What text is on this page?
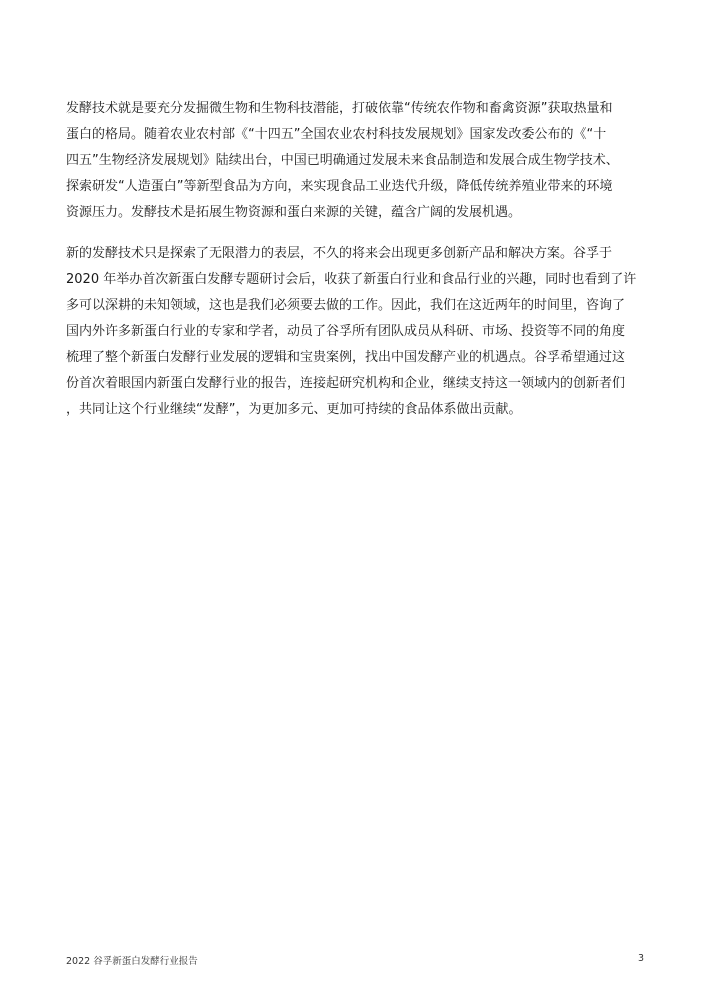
发酵技术就是要充分发掘微生物和生物科技潜能，打破依靠“传统农作物和畜禽资源”获取热量和
蛋白的格局。随着农业农村部《“十四五”全国农业农村科技发展规划》国家发改委公布的《“十
四五”生物经济发展规划》陆续出台，中国已明确通过发展未来食品制造和发展合成生物学技术、
探索研发“人造蛋白”等新型食品为方向，来实现食品工业迭代升级，降低传统养殖业带来的环境
资源压力。发酵技术是拓展生物资源和蛋白来源的关键，蕴含广阔的发展机遇。

新的发酵技术只是探索了无限潜力的表层，不久的将来会出现更多创新产品和解决方案。谷孚于
2020 年举办首次新蛋白发酵专题研讨会后，收获了新蛋白行业和食品行业的兴趣，同时也看到了许
多可以深耕的未知领域，这也是我们必须要去做的工作。因此，我们在这近两年的时间里，咨询了
国内外许多新蛋白行业的专家和学者，动员了谷孚所有团队成员从科研、市场、投资等不同的角度
梳理了整个新蛋白发酵行业发展的逻辑和宝贵案例，找出中国发酵产业的机遇点。谷孚希望通过这
份首次着眼国内新蛋白发酵行业的报告，连接起研究机构和企业，继续支持这一领域内的创新者们
，共同让这个行业继续“发酵”，为更加多元、更加可持续的食品体系做出贡献。

2022 谷孚新蛋白发酵行业报告	3
